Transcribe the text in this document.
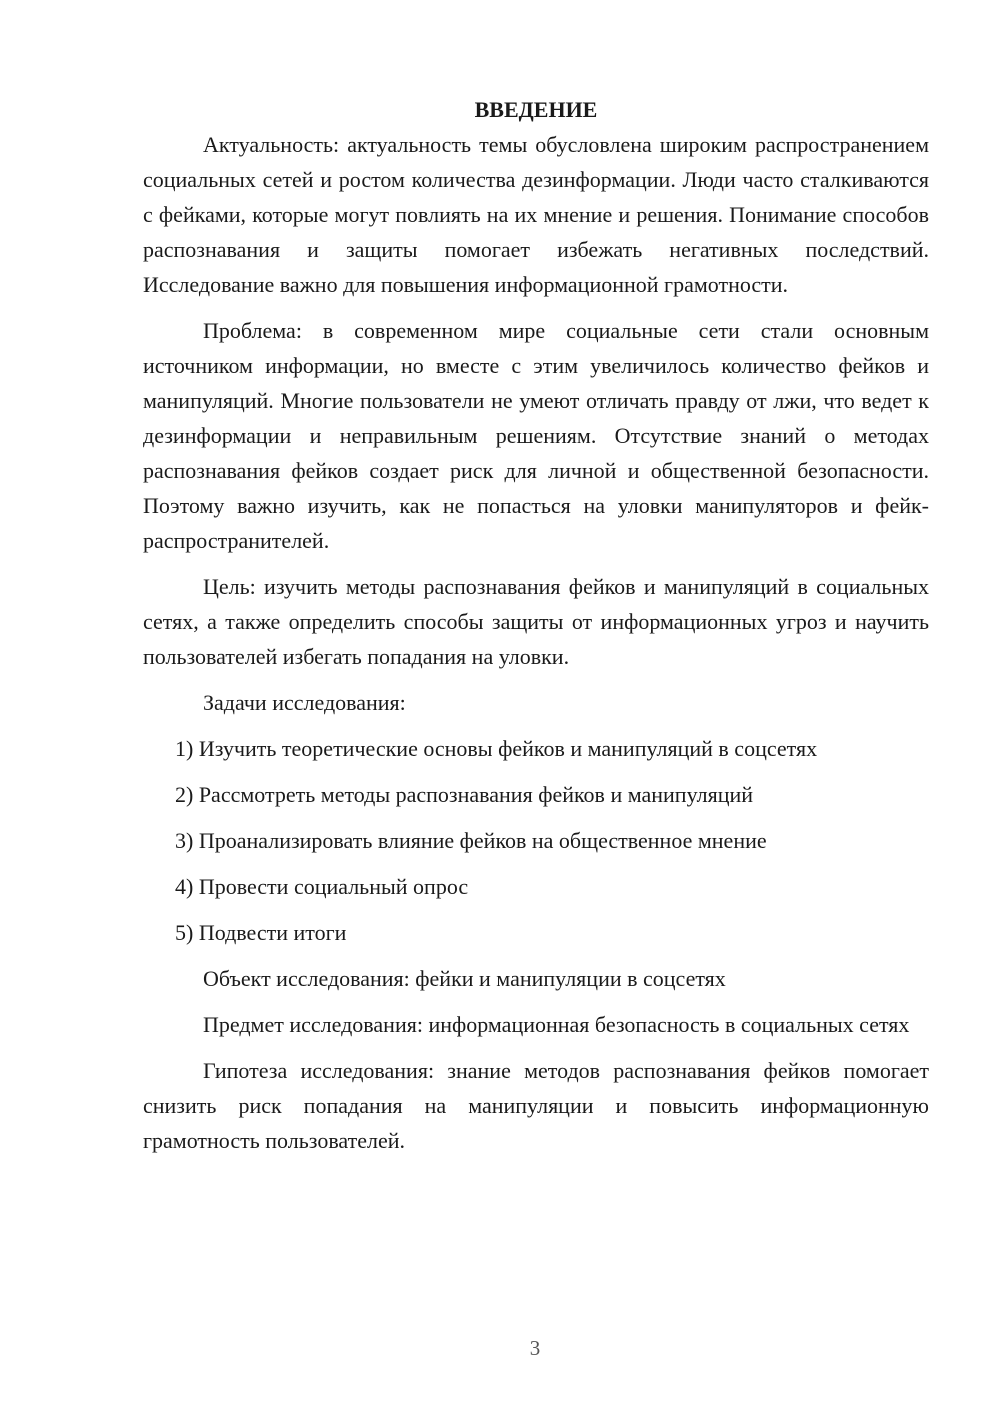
ВВЕДЕНИЕ

Актуальность: актуальность темы обусловлена широким распространением социальных сетей и ростом количества дезинформации. Люди часто сталкиваются с фейками, которые могут повлиять на их мнение и решения. Понимание способов распознавания и защиты помогает избежать негативных последствий. Исследование важно для повышения информационной грамотности.

Проблема: в современном мире социальные сети стали основным источником информации, но вместе с этим увеличилось количество фейков и манипуляций. Многие пользователи не умеют отличать правду от лжи, что ведет к дезинформации и неправильным решениям. Отсутствие знаний о методах распознавания фейков создает риск для личной и общественной безопасности. Поэтому важно изучить, как не попасться на уловки манипуляторов и фейк-распространителей.

Цель: изучить методы распознавания фейков и манипуляций в социальных сетях, а также определить способы защиты от информационных угроз и научить пользователей избегать попадания на уловки.

Задачи исследования:

1) Изучить теоретические основы фейков и манипуляций в соцсетях
2) Рассмотреть методы распознавания фейков и манипуляций
3) Проанализировать влияние фейков на общественное мнение
4) Провести социальный опрос
5) Подвести итоги

Объект исследования: фейки и манипуляции в соцсетях

Предмет исследования: информационная безопасность в социальных сетях

Гипотеза исследования: знание методов распознавания фейков помогает снизить риск попадания на манипуляции и повысить информационную грамотность пользователей.

3
